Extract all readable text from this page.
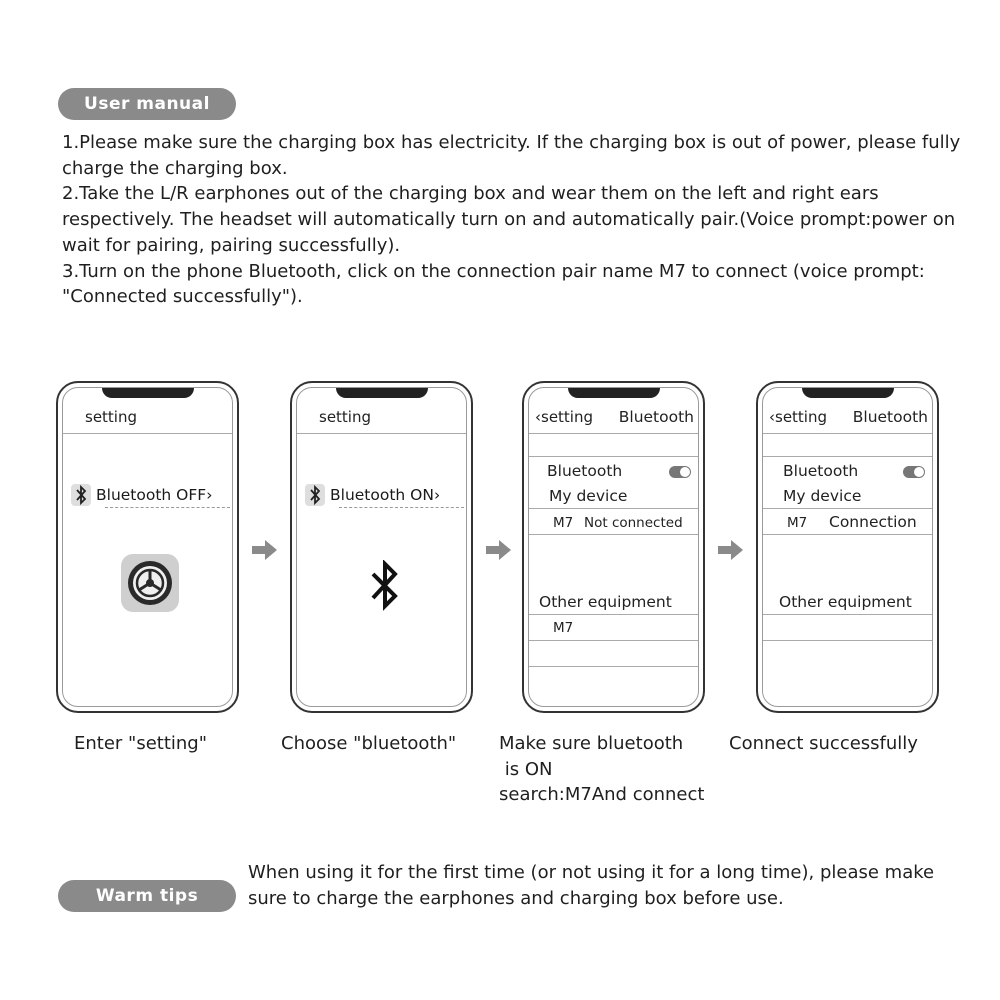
User manual

1.Please make sure the charging box has electricity. If the charging box is out of power, please fully charge the charging box.

2.Take the L/R earphones out of the charging box and wear them on the left and right ears respectively. The headset will automatically turn on and automatically pair.(Voice prompt:power on wait for pairing, pairing successfully).

3.Turn on the phone Bluetooth, click on the connection pair name M7 to connect (voice prompt: "Connected successfully").

setting
Bluetooth OFF›
setting
Bluetooth ON›
‹setting Bluetooth
Bluetooth
My device
M7 Not connected
Other equipment
M7
‹setting Bluetooth
Bluetooth
My device
M7 Connection
Other equipment
Enter "setting"	Choose "bluetooth" Make sure bluetooth
is ON
search:M7And connect
Connect successfully
Warm tips
When using it for the first time (or not using it for a long time), please make sure to charge the earphones and charging box before use.
